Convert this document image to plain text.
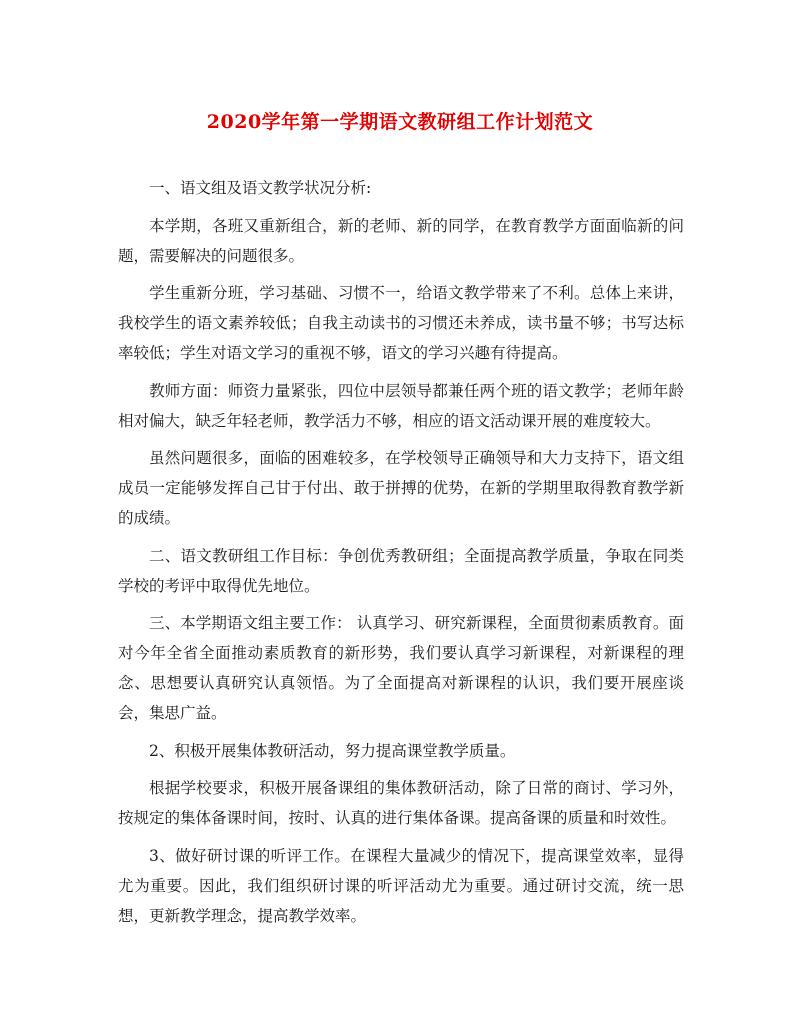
2020学年第一学期语文教研组工作计划范文

一、语文组及语文教学状况分析:

本学期，各班又重新组合，新的老师、新的同学，在教育教学方面面临新的问题，需要解决的问题很多。

学生重新分班，学习基础、习惯不一，给语文教学带来了不利。总体上来讲，我校学生的语文素养较低；自我主动读书的习惯还未养成，读书量不够；书写达标率较低；学生对语文学习的重视不够，语文的学习兴趣有待提高。

教师方面：师资力量紧张，四位中层领导都兼任两个班的语文教学；老师年龄相对偏大，缺乏年轻老师，教学活力不够，相应的语文活动课开展的难度较大。

虽然问题很多，面临的困难较多，在学校领导正确领导和大力支持下，语文组成员一定能够发挥自己甘于付出、敢于拼搏的优势，在新的学期里取得教育教学新的成绩。

二、语文教研组工作目标：争创优秀教研组；全面提高教学质量，争取在同类学校的考评中取得优先地位。

三、本学期语文组主要工作： 认真学习、研究新课程，全面贯彻素质教育。面对今年全省全面推动素质教育的新形势，我们要认真学习新课程，对新课程的理念、思想要认真研究认真领悟。为了全面提高对新课程的认识，我们要开展座谈会，集思广益。

2、积极开展集体教研活动，努力提高课堂教学质量。

根据学校要求，积极开展备课组的集体教研活动，除了日常的商讨、学习外，按规定的集体备课时间，按时、认真的进行集体备课。提高备课的质量和时效性。

3、做好研讨课的听评工作。在课程大量减少的情况下，提高课堂效率，显得尤为重要。因此，我们组织研讨课的听评活动尤为重要。通过研讨交流，统一思想，更新教学理念，提高教学效率。
